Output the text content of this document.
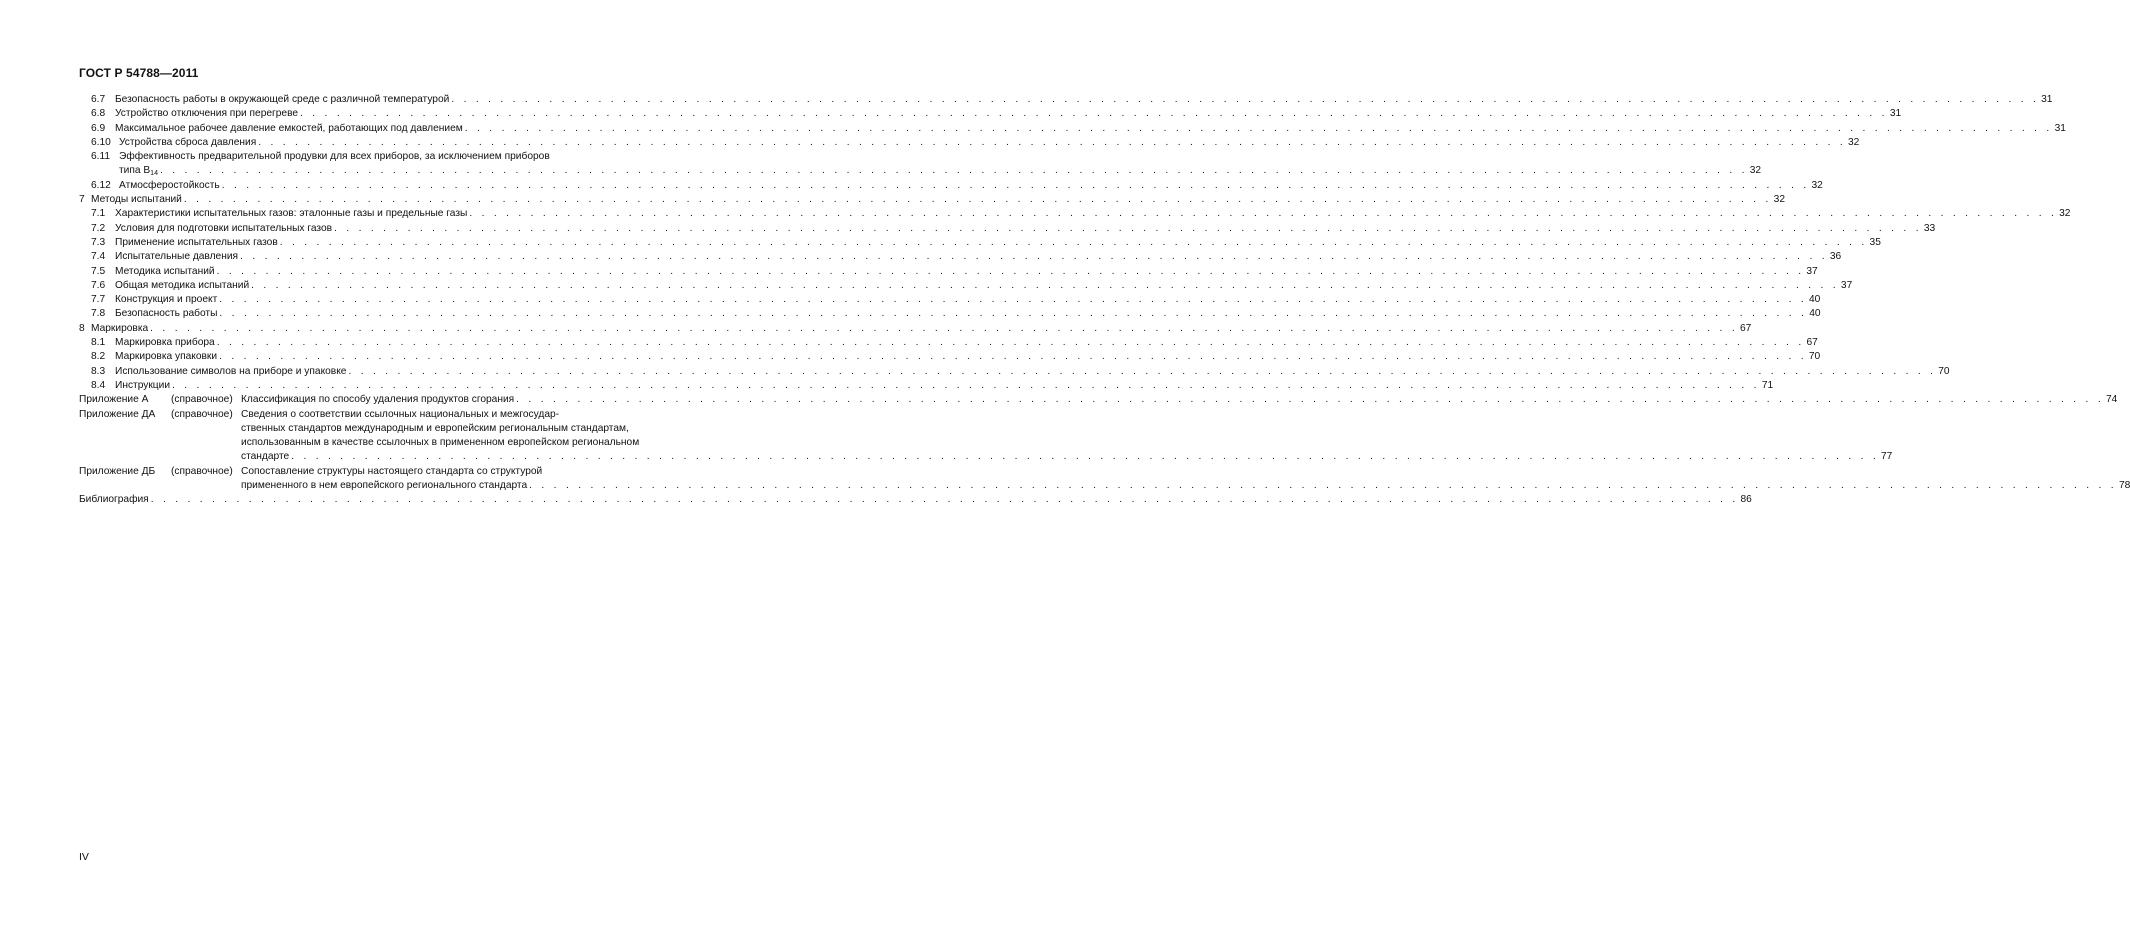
ГОСТ Р 54788—2011
6.7 Безопасность работы в окружающей среде с различной температурой . . .	31
6.8 Устройство отключения при перегреве . . .	31
6.9 Максимальное рабочее давление емкостей, работающих под давлением . . .	31
6.10 Устройства сброса давления . . .	32
6.11 Эффективность предварительной продувки для всех приборов, за исключением приборов
типа $B_{14}$ . . .	32
6.12 Атмосферостойкость . . .	32
7 Методы испытаний . . .	32
7.1 Характеристики испытательных газов: эталонные газы и предельные газы . . .	32
7.2 Условия для подготовки испытательных газов . . .	33
7.3 Применение испытательных газов . . .	35
7.4 Испытательные давления . . .	36
7.5 Методика испытаний . . .	37
7.6 Общая методика испытаний . . .	37
7.7 Конструкция и проект . . .	40
7.8 Безопасность работы . . .	40
8 Маркировка . . .	67
8.1 Маркировка прибора . . .	67
8.2 Маркировка упаковки . . .	70
8.3 Использование символов на приборе и упаковке . . .	70
8.4 Инструкции . . .	71
Приложение А	(справочное) Классификация по способу удаления продуктов сгорания . . .	74
Приложение ДА	(справочное) Сведения о соответствии ссылочных национальных и межгосудар-
ственных стандартов международным и европейским региональным стандартам,
использованным в качестве ссылочных в примененном европейском региональном
стандарте . . .	77
Приложение ДБ	(справочное) Сопоставление структуры настоящего стандарта со структурой
примененного в нем европейского регионального стандарта . . .	78
Библиография . . .	86
IV
